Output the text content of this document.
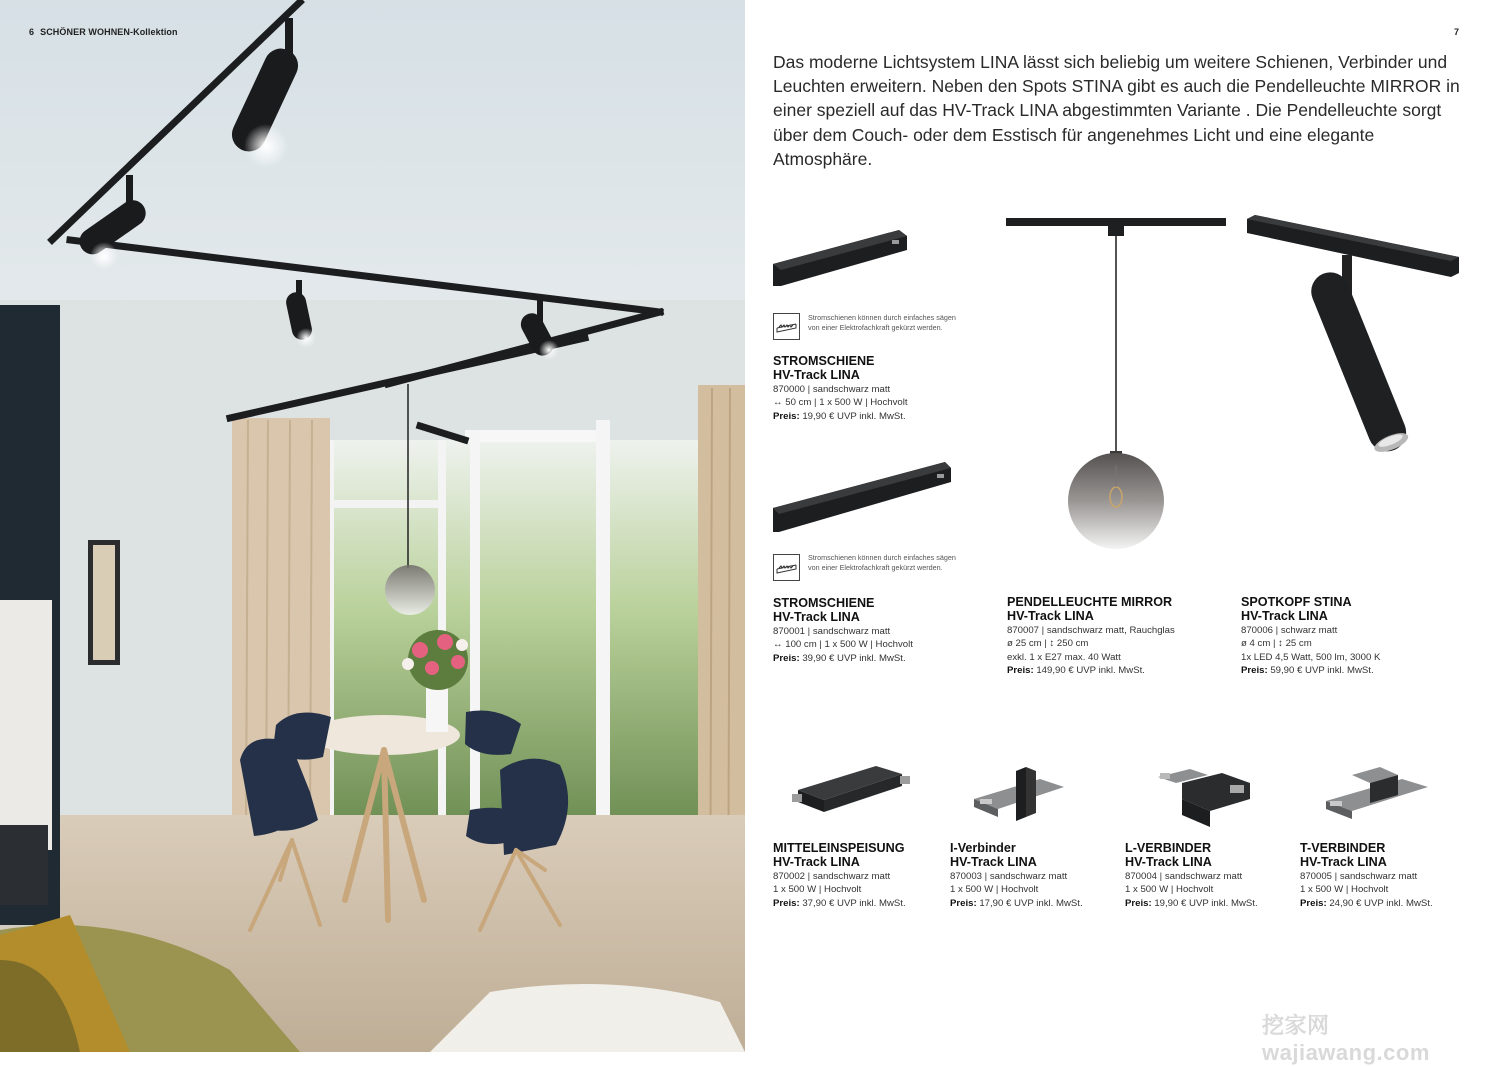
6 SCHÖNER WOHNEN-Kollektion	7

Das moderne Lichtsystem LINA lässt sich beliebig um weitere Schienen, Verbinder und Leuchten erweitern. Neben den Spots STINA gibt es auch die Pendelleuchte MIRROR in einer speziell auf das HV-Track LINA abgestimmten Variante . Die Pendelleuchte sorgt über dem Couch- oder dem Esstisch für angenehmes Licht und eine elegante Atmosphäre.

Stromschienen können durch einfaches sägen
von einer Elektrofachkraft gekürzt werden.
STROMSCHIENE
HV-Track LINA
870000 | sandschwarz matt
↔ 50 cm | 1 x 500 W | Hochvolt
Preis: 19,90 € UVP inkl. MwSt.
Stromschienen können durch einfaches sägen
von einer Elektrofachkraft gekürzt werden.
STROMSCHIENE
HV-Track LINA
870001 | sandschwarz matt
↔ 100 cm | 1 x 500 W | Hochvolt
Preis: 39,90 € UVP inkl. MwSt.
PENDELLEUCHTE MIRROR
HV-Track LINA
870007 | sandschwarz matt, Rauchglas
ø 25 cm | ↕ 250 cm
exkl. 1 x E27 max. 40 Watt
Preis: 149,90 € UVP inkl. MwSt.
SPOTKOPF STINA
HV-Track LINA
870006 | schwarz matt
ø 4 cm | ↕ 25 cm
1x LED 4,5 Watt, 500 lm, 3000 K
Preis: 59,90 € UVP inkl. MwSt.
MITTELEINSPEISUNG
HV-Track LINA
870002 | sandschwarz matt
1 x 500 W | Hochvolt
Preis: 37,90 € UVP inkl. MwSt.
I-Verbinder
HV-Track LINA
870003 | sandschwarz matt
1 x 500 W | Hochvolt
Preis: 17,90 € UVP inkl. MwSt.
L-VERBINDER
HV-Track LINA
870004 | sandschwarz matt
1 x 500 W | Hochvolt
Preis: 19,90 € UVP inkl. MwSt.
T-VERBINDER
HV-Track LINA
870005 | sandschwarz matt
1 x 500 W | Hochvolt
Preis: 24,90 € UVP inkl. MwSt.
挖家网 wajiawang.com
